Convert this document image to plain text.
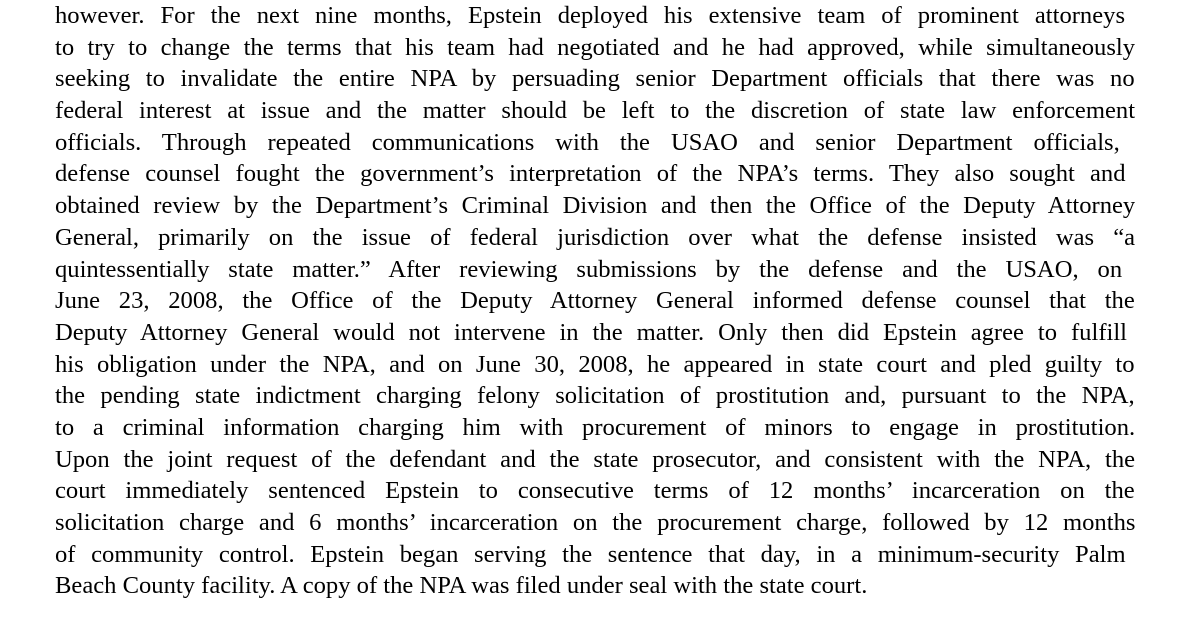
however. For the next nine months, Epstein deployed his extensive team of prominent attorneys
to try to change the terms that his team had negotiated and he had approved, while simultaneously
seeking to invalidate the entire NPA by persuading senior Department officials that there was no
federal interest at issue and the matter should be left to the discretion of state law enforcement
officials. Through repeated communications with the USAO and senior Department officials,
defense counsel fought the government’s interpretation of the NPA’s terms. They also sought and
obtained review by the Department’s Criminal Division and then the Office of the Deputy Attorney
General, primarily on the issue of federal jurisdiction over what the defense insisted was “a
quintessentially state matter.” After reviewing submissions by the defense and the USAO, on
June 23, 2008, the Office of the Deputy Attorney General informed defense counsel that the
Deputy Attorney General would not intervene in the matter. Only then did Epstein agree to fulfill
his obligation under the NPA, and on June 30, 2008, he appeared in state court and pled guilty to
the pending state indictment charging felony solicitation of prostitution and, pursuant to the NPA,
to a criminal information charging him with procurement of minors to engage in prostitution.
Upon the joint request of the defendant and the state prosecutor, and consistent with the NPA, the
court immediately sentenced Epstein to consecutive terms of 12 months’ incarceration on the
solicitation charge and 6 months’ incarceration on the procurement charge, followed by 12 months
of community control. Epstein began serving the sentence that day, in a minimum-security Palm
Beach County facility. A copy of the NPA was filed under seal with the state court.
